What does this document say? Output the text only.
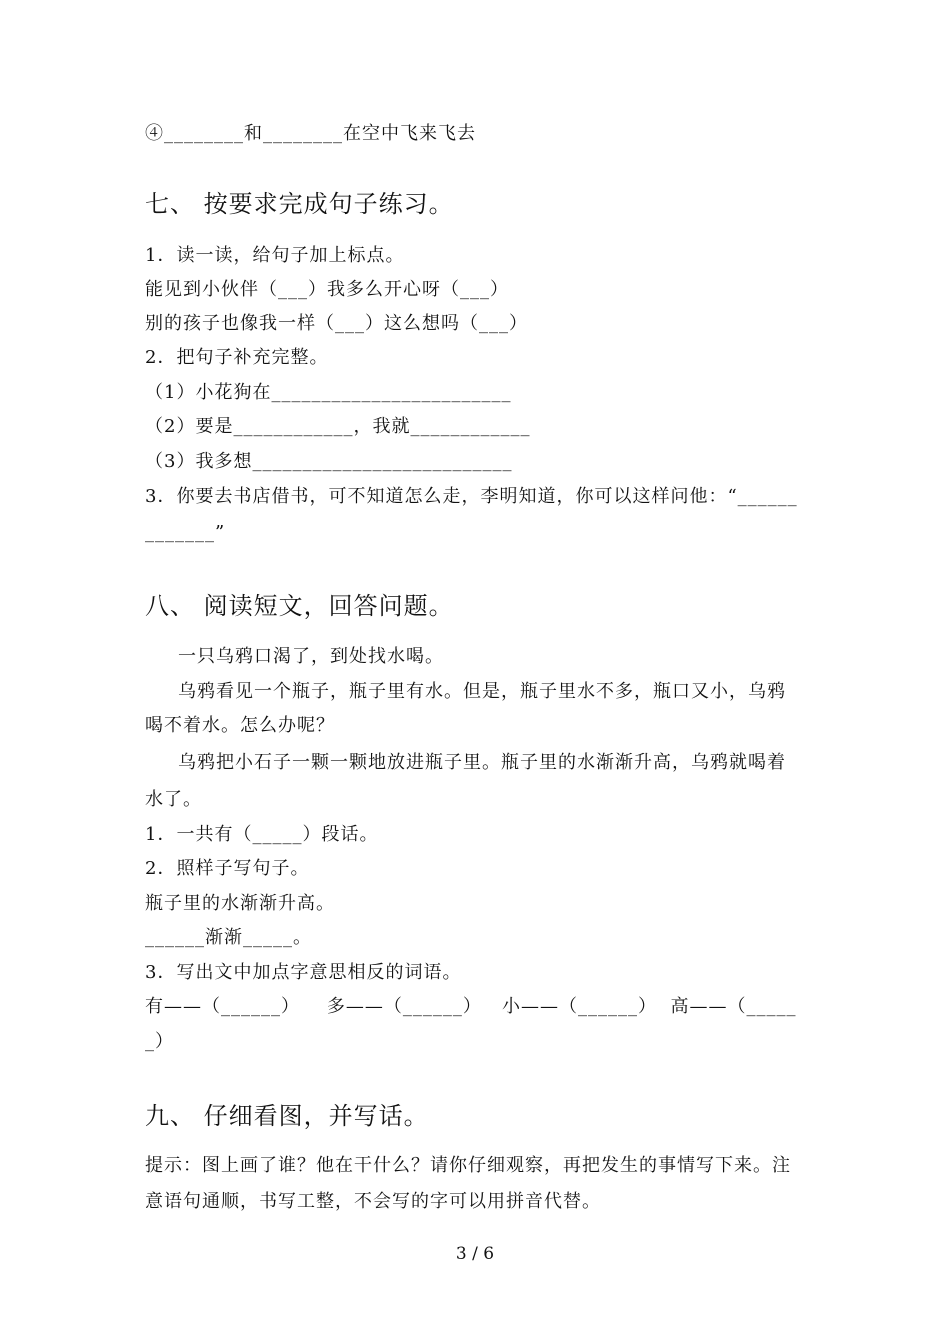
④________和________在空中飞来飞去
七、 按要求完成句子练习。
1．读一读，给句子加上标点。
能见到小伙伴（___）我多么开心呀（___）
别的孩子也像我一样（___）这么想吗（___）
2．把句子补充完整。
（1）小花狗在________________________
（2）要是____________，我就____________
（3）我多想__________________________
3．你要去书店借书，可不知道怎么走，李明知道，你可以这样问他：“______
_______”
八、 阅读短文，回答问题。
一只乌鸦口渴了，到处找水喝。
乌鸦看见一个瓶子，瓶子里有水。但是，瓶子里水不多，瓶口又小，乌鸦
喝不着水。怎么办呢？
乌鸦把小石子一颗一颗地放进瓶子里。瓶子里的水渐渐升高，乌鸦就喝着
水了。
1．一共有（_____）段话。
2．照样子写句子。
瓶子里的水渐渐升高。
______渐渐_____。
3．写出文中加点字意思相反的词语。
有——（______）    多——（______）   小——（______）  高——（_____
_）
九、 仔细看图，并写话。
提示：图上画了谁？他在干什么？请你仔细观察，再把发生的事情写下来。注
意语句通顺，书写工整，不会写的字可以用拼音代替。
3 / 6
